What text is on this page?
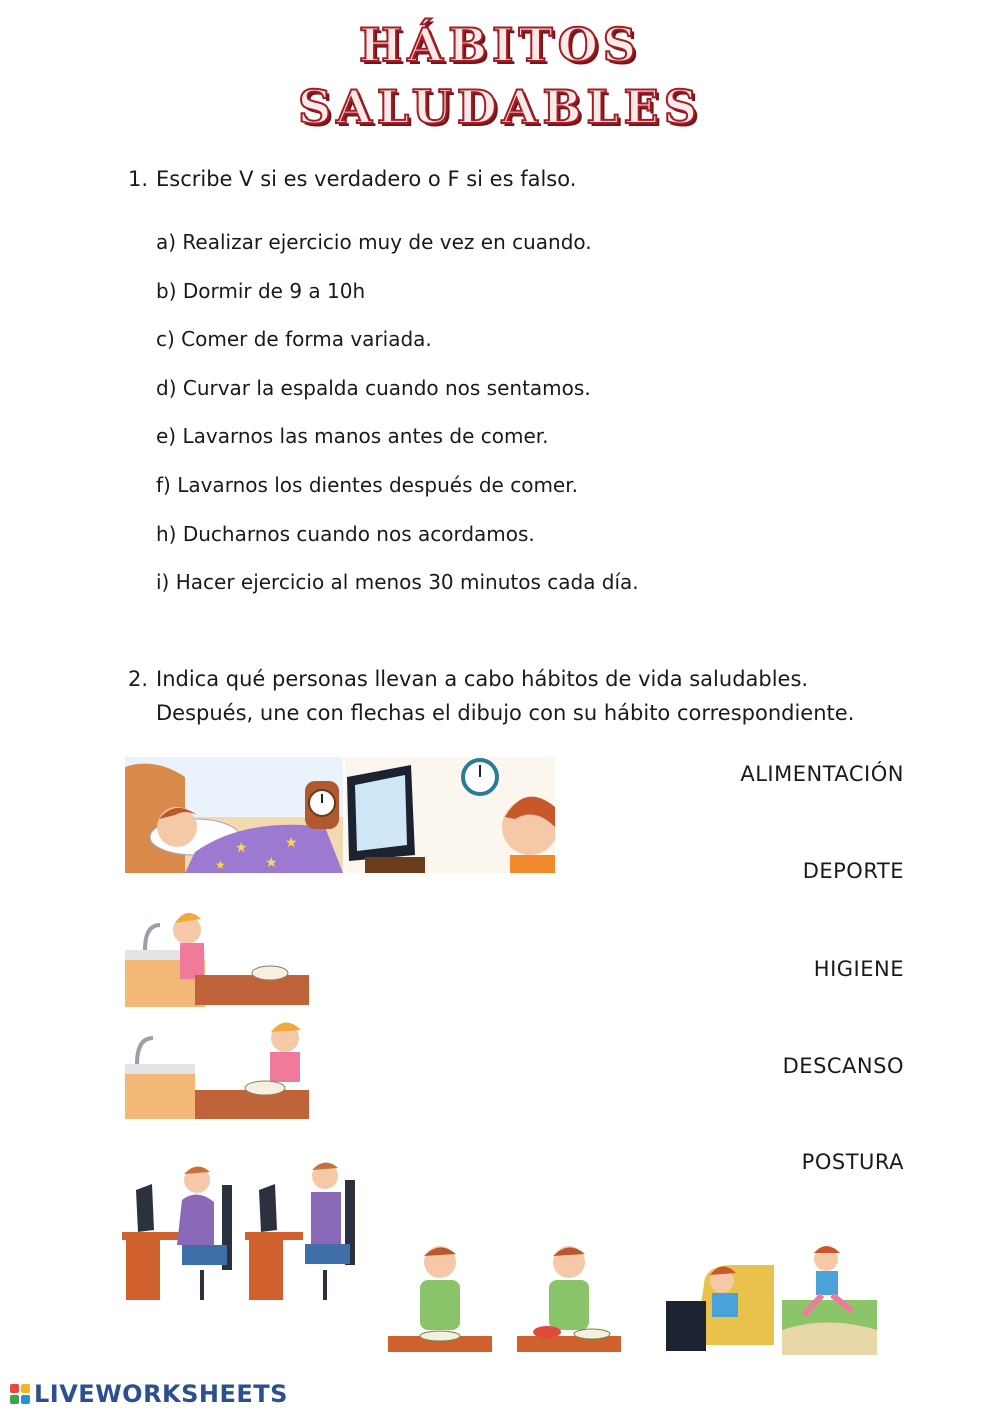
HÁBITOS
SALUDABLES
1. Escribe V si es verdadero o F si es falso.
a) Realizar ejercicio muy de vez en cuando.
b) Dormir de 9 a 10h
c) Comer de forma variada.
d) Curvar la espalda cuando nos sentamos.
e) Lavarnos las manos antes de comer.
f) Lavarnos los dientes después de comer.
h) Ducharnos cuando nos acordamos.
i) Hacer ejercicio al menos 30 minutos cada día.
2. Indica qué personas llevan a cabo hábitos de vida saludables.
Después, une con flechas el dibujo con su hábito correspondiente.
ALIMENTACIÓN
DEPORTE
HIGIENE
DESCANSO
POSTURA
★	★
★
★
LIVEWORKSHEETS
